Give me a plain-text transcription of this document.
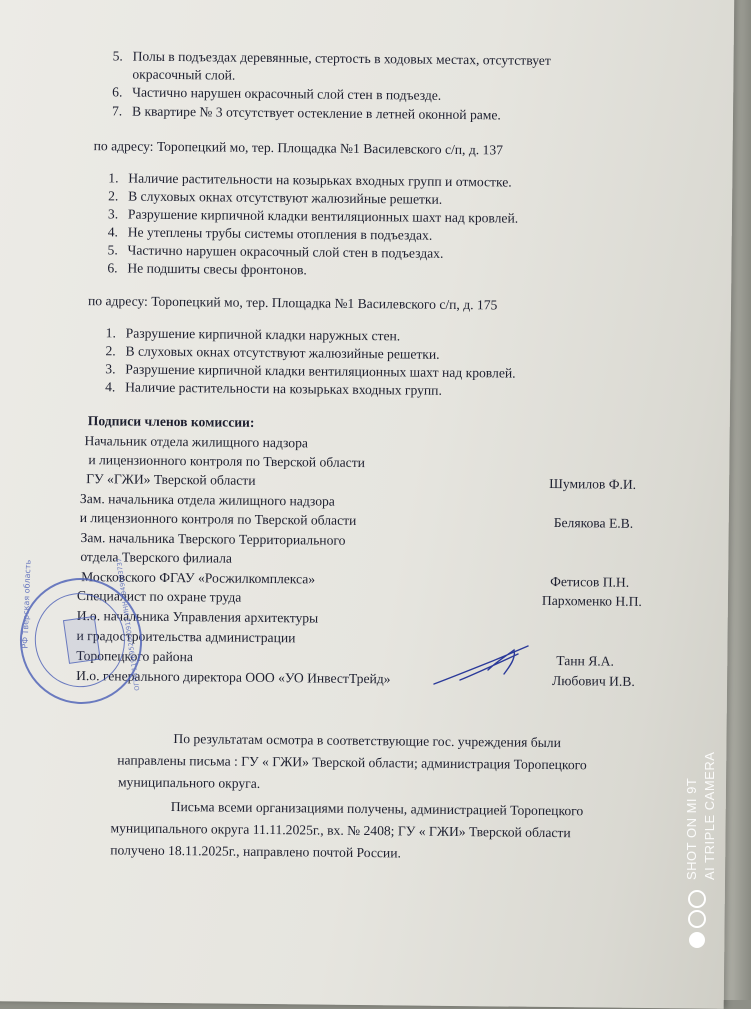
5. Полы в подъездах деревянные, стертость в ходовых местах, отсутствует
окрасочный слой.
6. Частично нарушен окрасочный слой стен в подъезде.
7. В квартире № 3 отсутствует остекление в летней оконной раме.
по адресу: Торопецкий мо, тер. Площадка №1 Василевского с/п, д. 137
1. Наличие растительности на козырьках входных групп и отмостке.
2. В слуховых окнах отсутствуют жалюзийные решетки.
3. Разрушение кирпичной кладки вентиляционных шахт над кровлей.
4. Не утеплены трубы системы отопления в подъездах.
5. Частично нарушен окрасочный слой стен в подъездах.
6. Не подшиты свесы фронтонов.
по адресу: Торопецкий мо, тер. Площадка №1 Василевского с/п, д. 175
1. Разрушение кирпичной кладки наружных стен.
2. В слуховых окнах отсутствуют жалюзийные решетки.
3. Разрушение кирпичной кладки вентиляционных шахт над кровлей.
4. Наличие растительности на козырьках входных групп.
Подписи членов комиссии:
Начальник отдела жилищного надзора
и лицензионного контроля по Тверской области
ГУ «ГЖИ» Тверской области	Шумилов Ф.И.
Зам. начальника отдела жилищного надзора
и лицензионного контроля по Тверской области	Белякова Е.В.
Зам. начальника Тверского Территориального
отдела Тверского филиала
Московского ФГАУ «Росжилкомплекса»	Фетисов П.Н.
Специалист по охране труда	Пархоменко Н.П.
И.о. начальника Управления архитектуры
и градостроительства администрации
Торопецкого района	Танн Я.А.
И.о. генерального директора ООО «УО ИнвестТрейд»	Любович И.В.
По результатам осмотра в соответствующие гос. учреждения были
направлены письма : ГУ « ГЖИ» Тверской области; администрация Торопецкого
муниципального округа.
Письма всеми организациями получены, администрацией Торопецкого
муниципального округа 11.11.2025г., вх. № 2408; ГУ « ГЖИ» Тверской области
получено 18.11.2025г., направлено почтой России.
РФ Тверская область	ОГРН 1196952000912 ИНН 6949003737
SHOT ON MI 9T AI TRIPLE CAMERA
